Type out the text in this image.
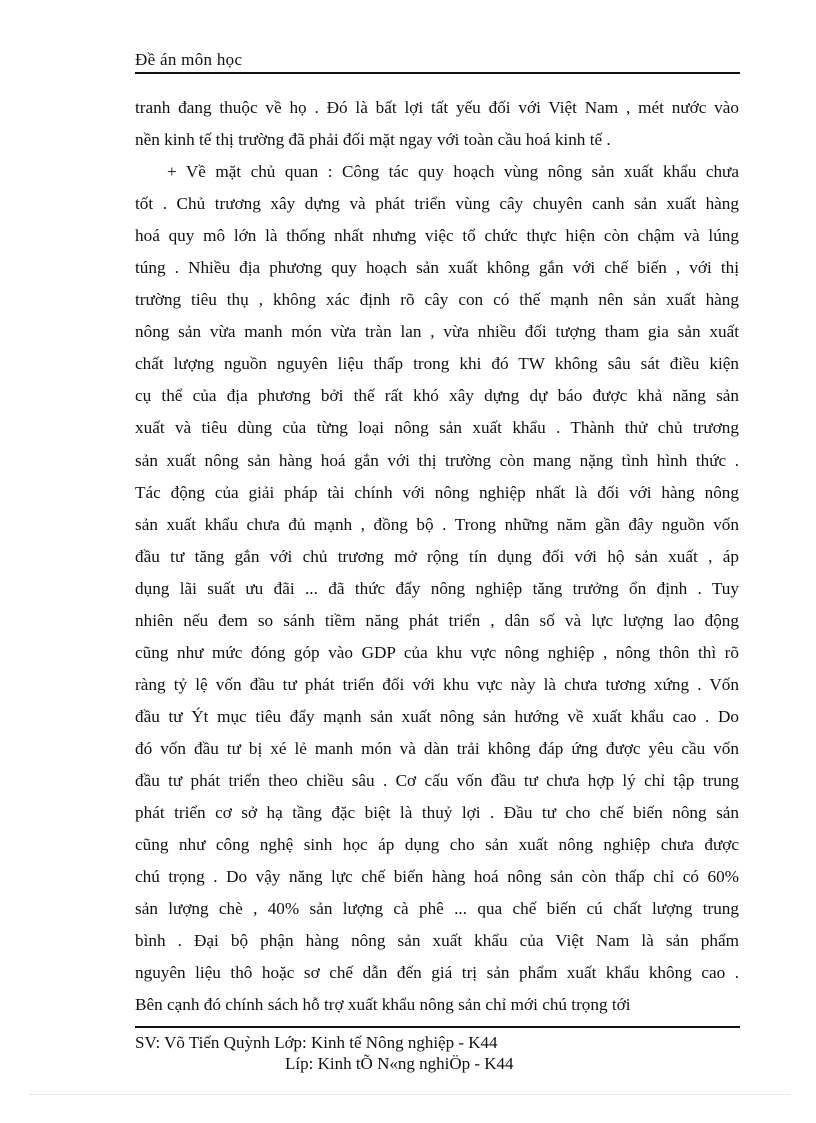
Đề án môn học
tranh đang thuộc về họ . Đó là bất lợi tất yếu đối với Việt Nam , mét nước vào
nền kinh tế thị trường đã phải đối mặt ngay với toàn cầu hoá kinh tế .
+ Về mặt chủ quan : Công tác quy hoạch vùng nông sản xuất khẩu chưa
tốt . Chủ trương xây dựng và phát triển vùng cây chuyên canh sản xuất hàng
hoá quy mô lớn là thống nhất nhưng việc tổ chức thực hiện còn chậm và lúng
túng . Nhiều địa phương quy hoạch sản xuất không gắn với chế biến , với thị
trường tiêu thụ , không xác định rõ cây con có thế mạnh nên sản xuất hàng
nông sản vừa manh món vừa tràn lan , vừa nhiều đối tượng tham gia sản xuất
chất lượng nguồn nguyên liệu thấp trong khi đó TW không sâu sát điều kiện
cụ thể của địa phương bởi thế rất khó xây dựng dự báo được khả năng sản
xuất và tiêu dùng của từng loại nông sản xuất khẩu . Thành thử chủ trương
sản xuất nông sản hàng hoá gắn với thị trường còn mang nặng tình hình thức .
Tác động của giải pháp tài chính với nông nghiệp nhất là đối với hàng nông
sản xuất khẩu chưa đủ mạnh , đồng bộ . Trong những năm gần đây nguồn vốn
đầu tư tăng gắn với chủ trương mở rộng tín dụng đối với hộ sản xuất , áp
dụng lãi suất ưu đãi ... đã thức đẩy nông nghiệp tăng trưởng ổn định . Tuy
nhiên nếu đem so sánh tiềm năng phát triển , dân số và lực lượng lao động
cũng như mức đóng góp vào GDP của khu vực nông nghiệp , nông thôn thì rõ
ràng tỷ lệ vốn đầu tư phát triển đối với khu vực này là chưa tương xứng . Vốn
đầu tư Ýt mục tiêu đẩy mạnh sản xuất nông sản hướng về xuất khẩu cao . Do
đó vốn đầu tư bị xé lẻ manh món và dàn trải không đáp ứng được yêu cầu vốn
đầu tư phát triển theo chiều sâu . Cơ cấu vốn đầu tư chưa hợp lý chỉ tập trung
phát triển cơ sở hạ tầng đặc biệt là thuỷ lợi . Đầu tư cho chế biến nông sản
cũng như công nghệ sinh học áp dụng cho sản xuất nông nghiệp chưa được
chú trọng . Do vậy năng lực chế biến hàng hoá nông sản còn thấp chỉ có 60%
sản lượng chè , 40% sản lượng cà phê ... qua chế biến cú chất lượng trung
bình . Đại bộ phận hàng nông sản xuất khẩu của Việt Nam là sản phẩm
nguyên liệu thô hoặc sơ chế dẫn đến giá trị sản phẩm xuất khẩu không cao .
Bên cạnh đó chính sách hỗ trợ xuất khẩu nông sản chỉ mới chú trọng tới
SV: Võ Tiến Quỳnh Lớp: Kinh tế Nông nghiệp - K44
Líp: Kinh tÕ N«ng nghiÖp - K44
